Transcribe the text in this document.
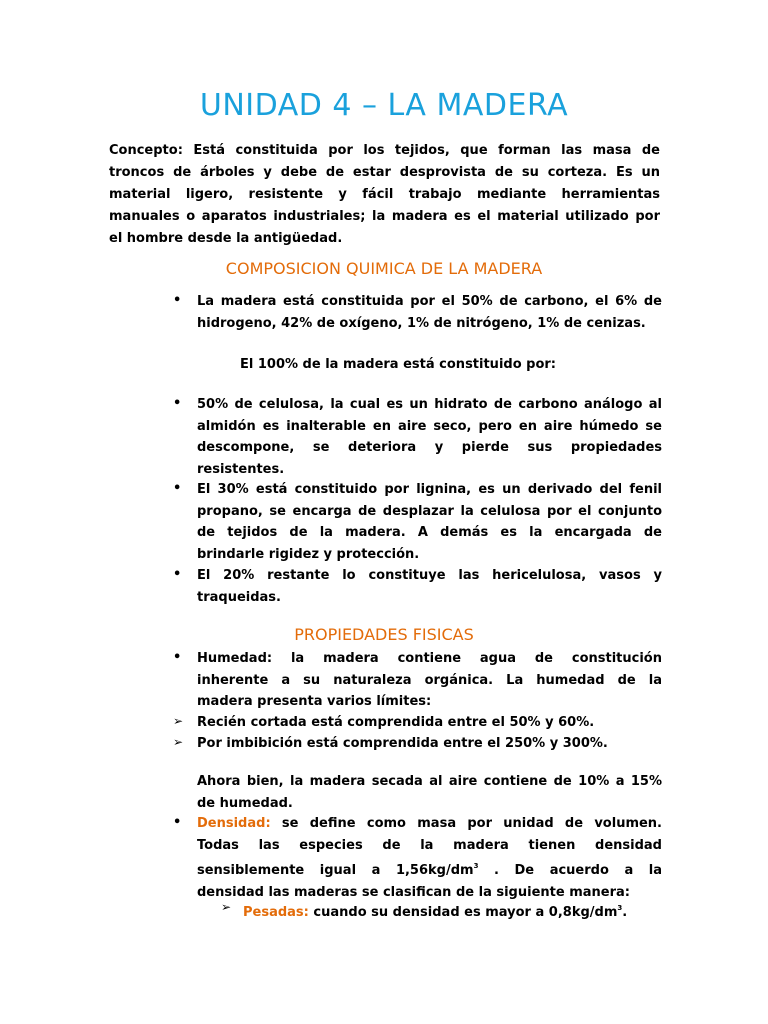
UNIDAD 4 – LA MADERA
Concepto: Está constituida por los tejidos, que forman las masa de
troncos de árboles y debe de estar desprovista de su corteza. Es un
material ligero, resistente y fácil trabajo mediante herramientas
manuales o aparatos industriales; la madera es el material utilizado por
el hombre desde la antigüedad.
COMPOSICION QUIMICA DE LA MADERA
• La madera está constituida por el 50% de carbono, el 6% de
hidrogeno, 42% de oxígeno, 1% de nitrógeno, 1% de cenizas.
El 100% de la madera está constituido por:
• 50% de celulosa, la cual es un hidrato de carbono análogo al
almidón es inalterable en aire seco, pero en aire húmedo se
descompone, se deteriora y pierde sus propiedades
resistentes.
• El 30% está constituido por lignina, es un derivado del fenil
propano, se encarga de desplazar la celulosa por el conjunto
de tejidos de la madera. A demás es la encargada de
brindarle rigidez y protección.
• El 20% restante lo constituye las hericelulosa, vasos y
traqueidas.
PROPIEDADES FISICAS
• Humedad: la madera contiene agua de constitución
inherente a su naturaleza orgánica. La humedad de la
madera presenta varios límites:
➢ Recién cortada está comprendida entre el 50% y 60%.
➢ Por imbibición está comprendida entre el 250% y 300%.
Ahora bien, la madera secada al aire contiene de 10% a 15%
de humedad.
• Densidad: se define como masa por unidad de volumen.
Todas las especies de la madera tienen densidad
sensiblemente igual a $1,56kg/dm^3$ . De acuerdo a la
densidad las maderas se clasifican de la siguiente manera:
➢ Pesadas: cuando su densidad es mayor a $0,8kg/dm^3$.
